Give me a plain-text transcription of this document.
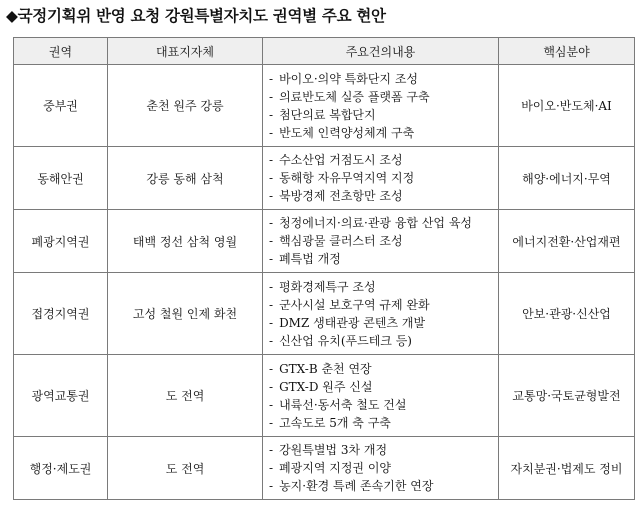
◆국정기획위 반영 요청 강원특별자치도 권역별 주요 현안
권역	대표지자체	주요건의내용	핵심분야
중부권	춘천 원주 강릉	- 바이오·의약 특화단지 조성
- 의료반도체 실증 플랫폼 구축
- 첨단의료 복합단지
- 반도체 인력양성체계 구축	바이오·반도체·AI
동해안권	강릉 동해 삼척	- 수소산업 거점도시 조성
- 동해항 자유무역지역 지정
- 북방경제 전초항만 조성	해양·에너지·무역
폐광지역권	태백 정선 삼척 영월	- 청정에너지·의료·관광 융합 산업 육성
- 핵심광물 클러스터 조성
- 폐특법 개정	에너지전환·산업재편
접경지역권	고성 철원 인제 화천	- 평화경제특구 조성
- 군사시설 보호구역 규제 완화
- DMZ 생태관광 콘텐츠 개발
- 신산업 유치(푸드테크 등)	안보·관광·신산업
광역교통권	도 전역	- GTX-B 춘천 연장
- GTX-D 원주 신설
- 내륙선·동서축 철도 건설
- 고속도로 5개 축 구축	교통망·국토균형발전
행정·제도권	도 전역	- 강원특별법 3차 개정
- 폐광지역 지정권 이양
- 농지·환경 특례 존속기한 연장	자치분권·법제도 정비
